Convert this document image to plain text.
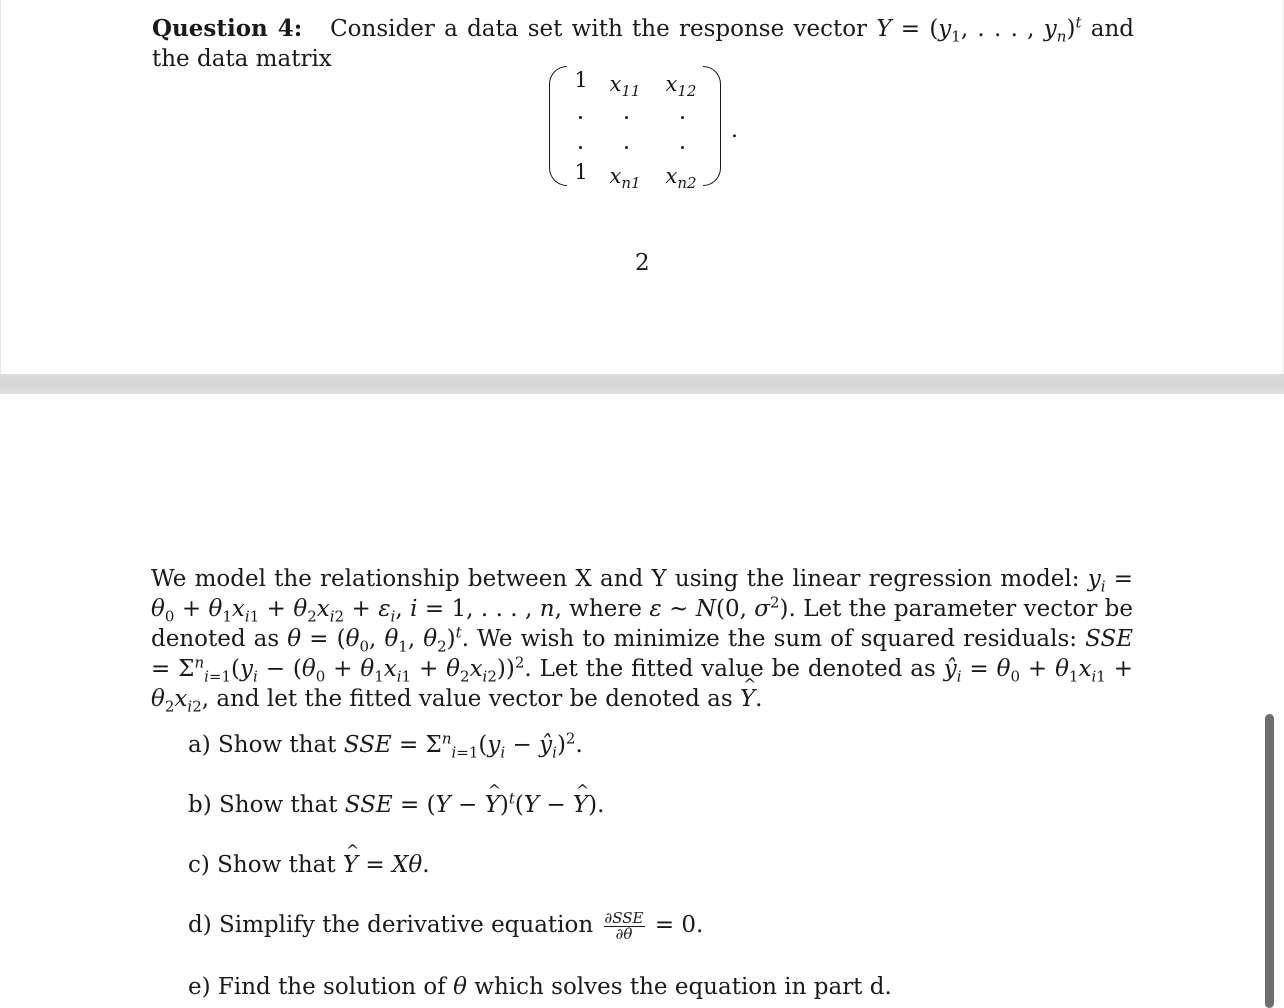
Question 4: Consider a data set with the response vector $Y = (y_1$, . . . , $y_n)^t$ and the data matrix
1	$x_{11}$	$x_{12}$
1	$x_{n1}$	$x_{n2}$
.
2
We model the relationship between X and Y using the linear regression model: $y_i = \theta_0 + \theta_1x_{i1} + \theta_2x_{i2} + \varepsilon_i$, i = 1, . . . , n, where ε ~ N(0, $\sigma^2$). Let the parameter vector be denoted as $\theta = (\theta_0$, $\theta_1$, $\theta_2)^t$. We wish to minimize the sum of squared residuals: SSE = $\Sigma^n_{i=1}(y_i - (\theta_0 + \theta_1x_{i1} + \theta_2x_{i2}))^2$. Let the fitted value be denoted as $ŷ_i = \theta_0 + \theta_1x_{i1} + \theta_2x_{i2}$, and let the fitted value vector be denoted as ^ Y.
a) Show that SSE = $\Sigma^n_{i=1}(y_i$ − $ŷ_i)^2$.
b) Show that SSE = (Y − ^ Y)$^t$(Y − ^ Y).
c) Show that ^ Y = Xθ.
d) Simplify the derivative equation $\frac{\text{∂SSE}}{\partial\theta} = 0$.
e) Find the solution of θ which solves the equation in part d.
